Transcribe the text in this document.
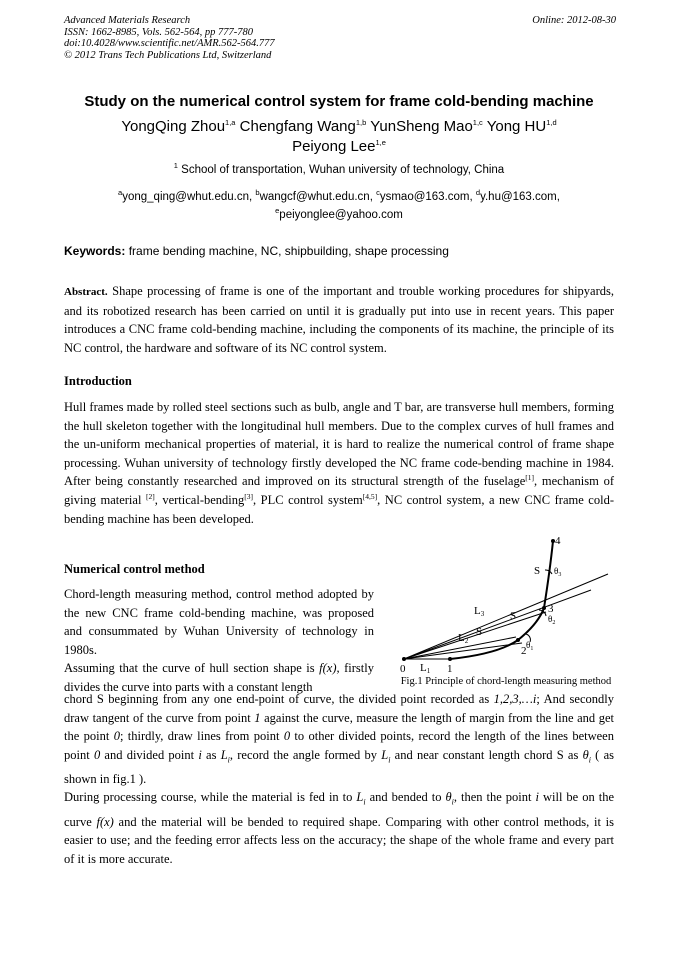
Advanced Materials Research
ISSN: 1662-8985, Vols. 562-564, pp 777-780
doi:10.4028/www.scientific.net/AMR.562-564.777
© 2012 Trans Tech Publications Ltd, Switzerland
Online: 2012-08-30
Study on the numerical control system for frame cold-bending machine
YongQing Zhou$^{1,a}$ Chengfang Wang$^{1,b}$ YunSheng Mao$^{1,c}$ Yong HU$^{1,d}$
Peiyong Lee$^{1,e}$
$^1$ School of transportation, Wuhan university of technology, China
$^a$yong_qing@whut.edu.cn, $^b$wangcf@whut.edu.cn, $^c$ysmao@163.com, $^d$y.hu@163.com,
$^e$peiyonglee@yahoo.com
Keywords: frame bending machine, NC, shipbuilding, shape processing
Abstract. Shape processing of frame is one of the important and trouble working procedures for shipyards, and its robotized research has been carried on until it is gradually put into use in recent years. This paper introduces a CNC frame cold-bending machine, including the components of its machine, the principle of its NC control, the hardware and software of its NC control system.
Introduction
Hull frames made by rolled steel sections such as bulb, angle and T bar, are transverse hull members, forming the hull skeleton together with the longitudinal hull members. Due to the complex curves of hull frames and the un-uniform mechanical properties of material, it is hard to realize the numerical control of frame shape processing. Wuhan university of technology firstly developed the NC frame code-bending machine in 1984. After being constantly researched and improved on its structural strength of the fuselage[1], mechanism of giving material [2], vertical-bending[3], PLC control system[4,5], NC control system, a new CNC frame cold-bending machine has been developed.
Numerical control method
Chord-length measuring method, control method adopted by the new CNC frame cold-bending machine, was proposed and consummated by Wuhan University of technology in 1980s.
Assuming that the curve of hull section shape is f(x), firstly divides the curve into parts with a constant length
0	1
2
3
4
L1
L2
L3
S
S
S
$\theta_1$
$\theta_2$
$\theta_3$
Fig.1 Principle of chord-length measuring method
chord S beginning from any one end-point of curve, the divided point recorded as 1,2,3,…i; And secondly draw tangent of the curve from point 1 against the curve, measure the length of margin from the line and get the point 0; thirdly, draw lines from point 0 to other divided points, record the length of the lines between point 0 and divided point i as $L_i$, record the angle formed by $L_i$ and near constant length chord S as $\theta_i$ ( as shown in fig.1 ).
During processing course, while the material is fed in to $L_i$ and bended to $\theta_i$, then the point i will be on the curve f(x) and the material will be bended to required shape. Comparing with other control methods, it is easier to use; and the feeding error affects less on the accuracy; the shape of the whole frame and every part of it is more accurate.
